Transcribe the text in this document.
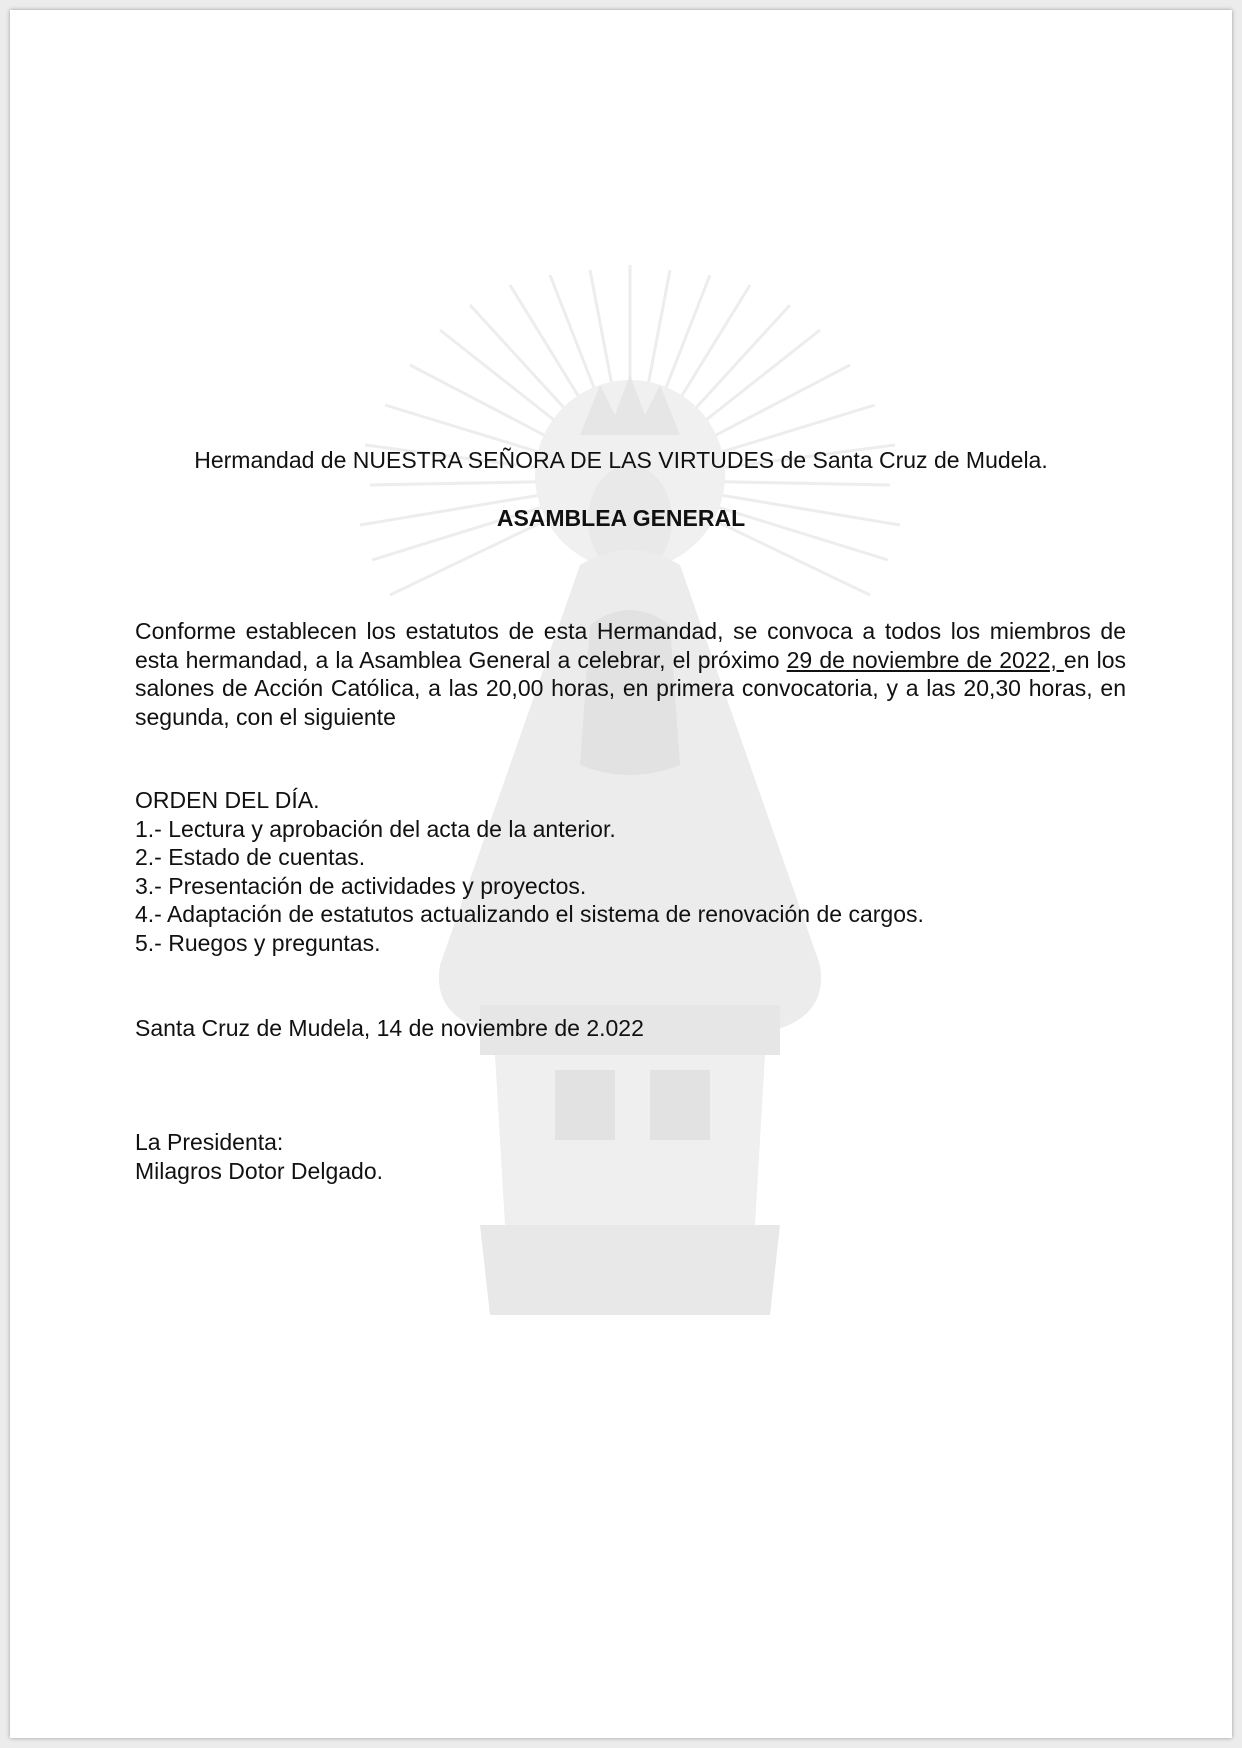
Hermandad de NUESTRA SEÑORA DE LAS VIRTUDES de Santa Cruz de Mudela.
ASAMBLEA GENERAL

Conforme establecen los estatutos de esta Hermandad, se convoca a todos los miembros de esta hermandad, a la Asamblea General a celebrar, el próximo 29 de noviembre de 2022, en los salones de Acción Católica, a las 20,00 horas, en primera convocatoria, y a las 20,30 horas, en segunda, con el siguiente

ORDEN DEL DÍA.
1.- Lectura y aprobación del acta de la anterior.
2.- Estado de cuentas.
3.- Presentación de actividades y proyectos.
4.- Adaptación de estatutos actualizando el sistema de renovación de cargos.
5.- Ruegos y preguntas.
Santa Cruz de Mudela, 14 de noviembre de 2.022
La Presidenta:
Milagros Dotor Delgado.
